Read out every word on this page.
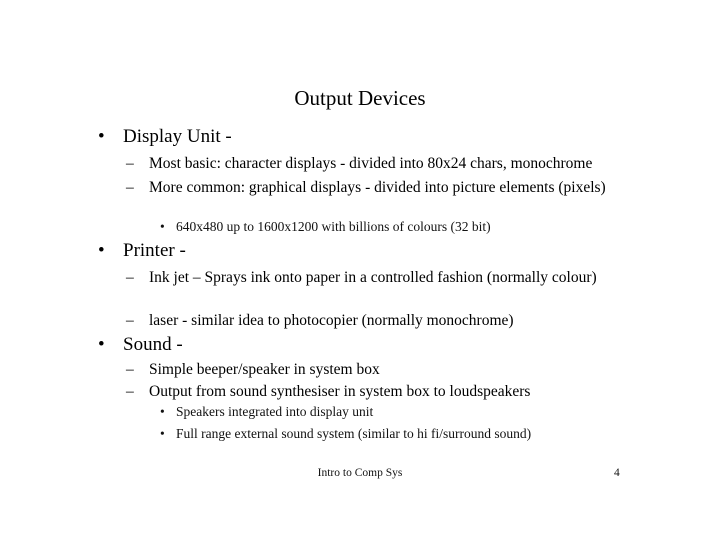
Output Devices
• Display Unit -
– Most basic: character displays - divided into 80x24 chars, monochrome
– More common: graphical displays - divided into picture elements (pixels)
• 640x480 up to 1600x1200 with billions of colours (32 bit)
• Printer -
– Ink jet – Sprays ink onto paper in a controlled fashion (normally colour)
– laser - similar idea to photocopier (normally monochrome)
• Sound -
– Simple beeper/speaker in system box
– Output from sound synthesiser in system box to loudspeakers
• Speakers integrated into display unit
• Full range external sound system (similar to hi fi/surround sound)
Intro to Comp Sys	4
